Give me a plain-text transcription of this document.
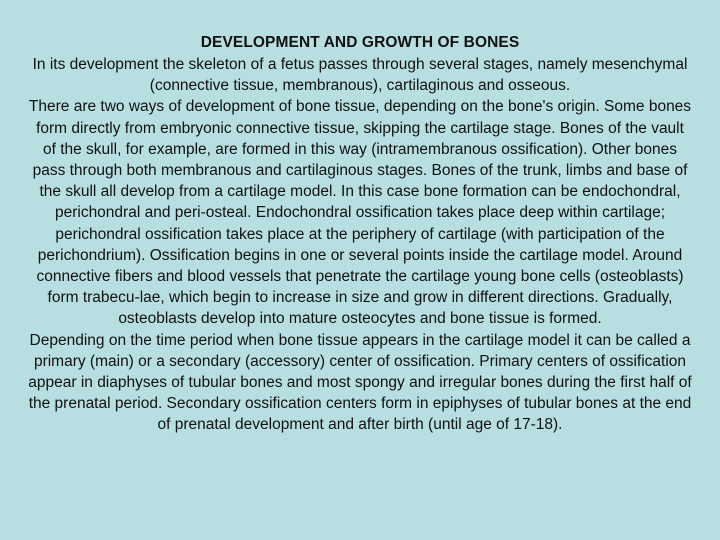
DEVELOPMENT AND GROWTH OF BONES

In its development the skeleton of a fetus passes through several stages, namely mesenchymal (connective tissue, membranous), cartilaginous and osseous.

There are two ways of development of bone tissue, depending on the bone's origin. Some bones form directly from embryonic connective tissue, skipping the cartilage stage. Bones of the vault of the skull, for example, are formed in this way (intramembranous ossification). Other bones pass through both membranous and cartilaginous stages. Bones of the trunk, limbs and base of the skull all develop from a cartilage model. In this case bone formation can be endochondral, perichondral and peri-osteal. Endochondral ossification takes place deep within cartilage; perichondral ossification takes place at the periphery of cartilage (with participation of the perichondrium). Ossification begins in one or several points inside the cartilage model. Around connective fibers and blood vessels that penetrate the cartilage young bone cells (osteoblasts) form trabecu-lae, which begin to increase in size and grow in different directions. Gradually, osteoblasts develop into mature osteocytes and bone tissue is formed.

Depending on the time period when bone tissue appears in the cartilage model it can be called a primary (main) or a secondary (accessory) center of ossification. Primary centers of ossification appear in diaphyses of tubular bones and most spongy and irregular bones during the first half of the prenatal period. Secondary ossification centers form in epiphyses of tubular bones at the end of prenatal development and after birth (until age of 17-18).
